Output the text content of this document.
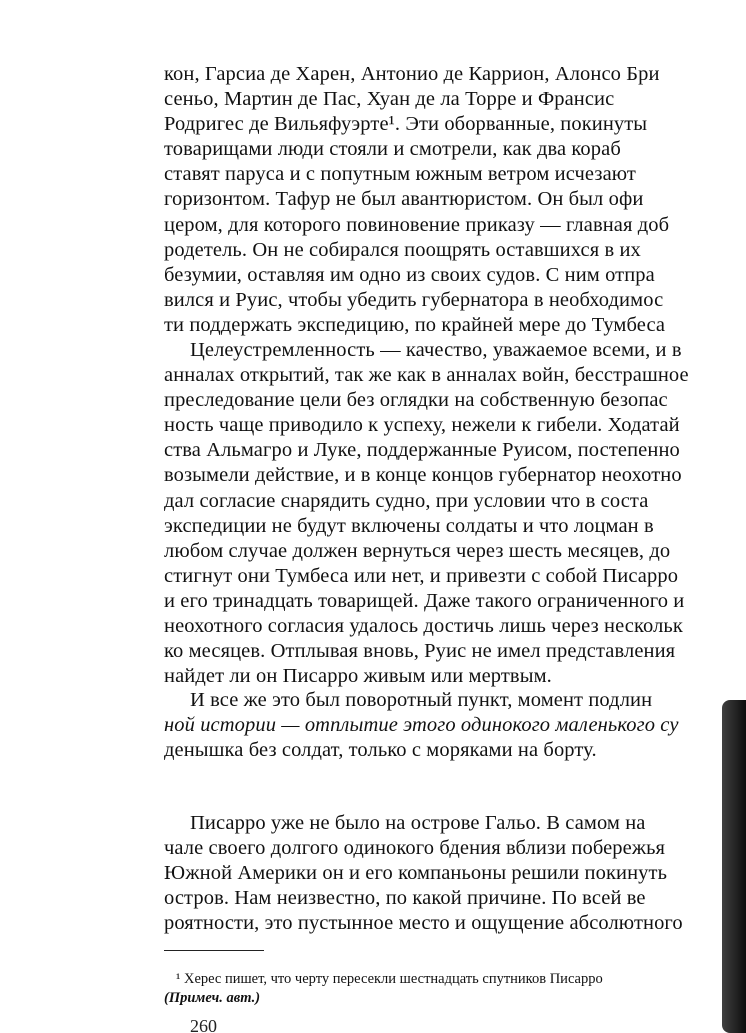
кон, Гарсиа де Харен, Антонио де Каррион, Алонсо Бри
сеньо, Мартин де Пас, Хуан де ла Торре и Франсис
Родригес де Вильяфуэрте¹. Эти оборванные, покинуты
товарищами люди стояли и смотрели, как два кораб
ставят паруса и с попутным южным ветром исчезают
горизонтом. Тафур не был авантюристом. Он был офи
цером, для которого повиновение приказу — главная доб
родетель. Он не собирался поощрять оставшихся в их
безумии, оставляя им одно из своих судов. С ним отпра
вился и Руис, чтобы убедить губернатора в необходимос
ти поддержать экспедицию, по крайней мере до Тумбеса
Целеустремленность — качество, уважаемое всеми, и в
анналах открытий, так же как в анналах войн, бесстрашное
преследование цели без оглядки на собственную безопас
ность чаще приводило к успеху, нежели к гибели. Ходатай
ства Альмагро и Луке, поддержанные Руисом, постепенно
возымели действие, и в конце концов губернатор неохотно
дал согласие снарядить судно, при условии что в соста
экспедиции не будут включены солдаты и что лоцман в
любом случае должен вернуться через шесть месяцев, до
стигнут они Тумбеса или нет, и привезти с собой Писарро
и его тринадцать товарищей. Даже такого ограниченного и
неохотного согласия удалось достичь лишь через нескольк
ко месяцев. Отплывая вновь, Руис не имел представления
найдет ли он Писарро живым или мертвым.
И все же это был поворотный пункт, момент подлин
ной истории — отплытие этого одинокого маленького су
денышка без солдат, только с моряками на борту.
Писарро уже не было на острове Гальо. В самом на
чале своего долгого одинокого бдения вблизи побережья
Южной Америки он и его компаньоны решили покинуть
остров. Нам неизвестно, по какой причине. По всей ве
роятности, это пустынное место и ощущение абсолютного
¹ Херес пишет, что черту пересекли шестнадцать спутников Писарро
(Примеч. авт.)
260
